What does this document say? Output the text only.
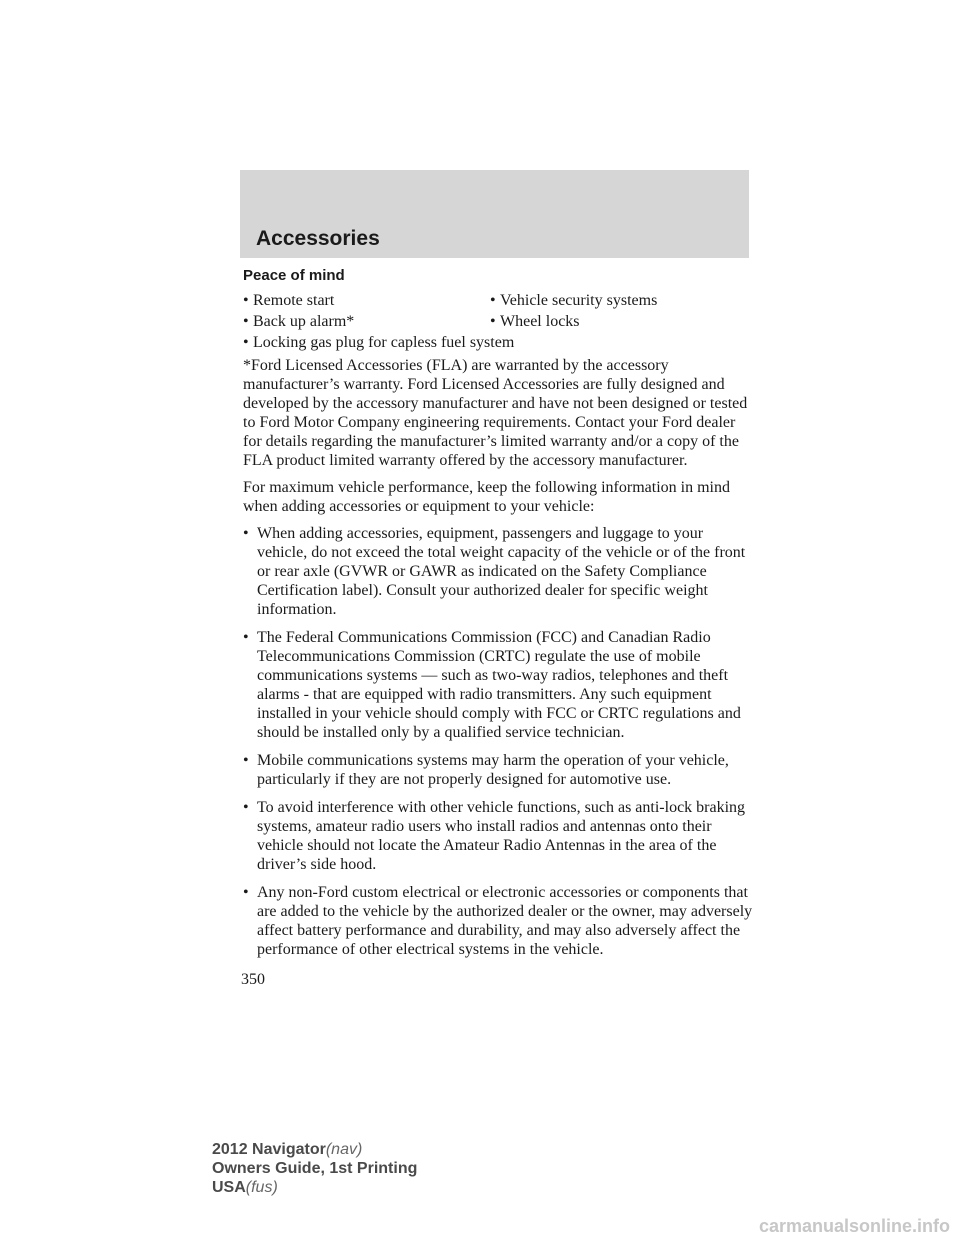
Accessories
Peace of mind
• Remote start	• Vehicle security systems
• Back up alarm*	• Wheel locks
• Locking gas plug for capless fuel system

*Ford Licensed Accessories (FLA) are warranted by the accessory manufacturer’s warranty. Ford Licensed Accessories are fully designed and developed by the accessory manufacturer and have not been designed or tested to Ford Motor Company engineering requirements. Contact your Ford dealer for details regarding the manufacturer’s limited warranty and/or a copy of the FLA product limited warranty offered by the accessory manufacturer.

For maximum vehicle performance, keep the following information in mind when adding accessories or equipment to your vehicle:

• When adding accessories, equipment, passengers and luggage to your vehicle, do not exceed the total weight capacity of the vehicle or of the front or rear axle (GVWR or GAWR as indicated on the Safety Compliance Certification label). Consult your authorized dealer for specific weight information.
• The Federal Communications Commission (FCC) and Canadian Radio Telecommunications Commission (CRTC) regulate the use of mobile communications systems — such as two-way radios, telephones and theft alarms - that are equipped with radio transmitters. Any such equipment installed in your vehicle should comply with FCC or CRTC regulations and should be installed only by a qualified service technician.
• Mobile communications systems may harm the operation of your vehicle, particularly if they are not properly designed for automotive use.
• To avoid interference with other vehicle functions, such as anti-lock braking systems, amateur radio users who install radios and antennas onto their vehicle should not locate the Amateur Radio Antennas in the area of the driver’s side hood.
• Any non-Ford custom electrical or electronic accessories or components that are added to the vehicle by the authorized dealer or the owner, may adversely affect battery performance and durability, and may also adversely affect the performance of other electrical systems in the vehicle.
350
2012 Navigator(nav)
Owners Guide, 1st Printing
USA(fus)
carmanualsonline.info
